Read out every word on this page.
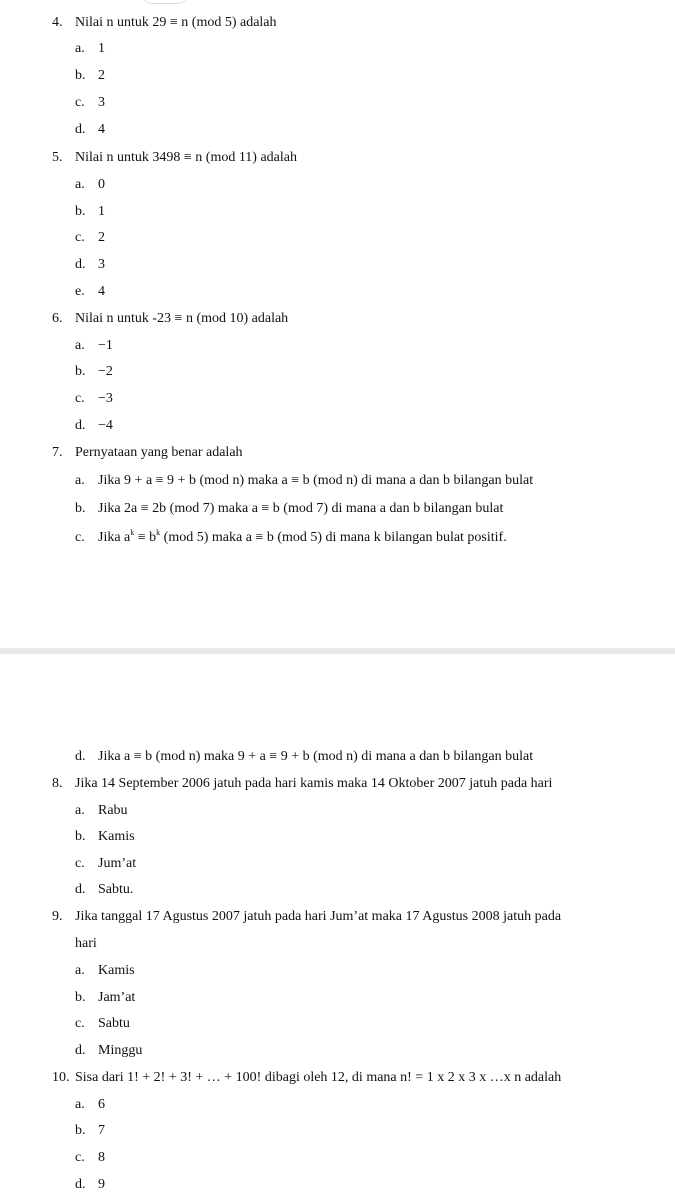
4. Nilai n untuk 29 ≡ n (mod 5) adalah
a. 1
b. 2
c. 3
d. 4
5. Nilai n untuk 3498 ≡ n (mod 11) adalah
a. 0
b. 1
c. 2
d. 3
e. 4
6. Nilai n untuk -23 ≡ n (mod 10) adalah
a. −1
b. −2
c. −3
d. −4
7. Pernyataan yang benar adalah
a. Jika 9 + a ≡ 9 + b (mod n) maka a ≡ b (mod n) di mana a dan b bilangan bulat
b. Jika 2a ≡ 2b (mod 7) maka a ≡ b (mod 7) di mana a dan b bilangan bulat
c. Jika $a^k \equiv b^k$ (mod 5) maka a ≡ b (mod 5) di mana k bilangan bulat positif.
d. Jika a ≡ b (mod n) maka 9 + a ≡ 9 + b (mod n) di mana a dan b bilangan bulat
8. Jika 14 September 2006 jatuh pada hari kamis maka 14 Oktober 2007 jatuh pada hari
a. Rabu
b. Kamis
c. Jum’at
d. Sabtu.
9. Jika tanggal 17 Agustus 2007 jatuh pada hari Jum’at maka 17 Agustus 2008 jatuh pada
hari
a. Kamis
b. Jam’at
c. Sabtu
d. Minggu
10. Sisa dari 1! + 2! + 3! + … + 100! dibagi oleh 12, di mana n! = 1 x 2 x 3 x …x n adalah
a. 6
b. 7
c. 8
d. 9
